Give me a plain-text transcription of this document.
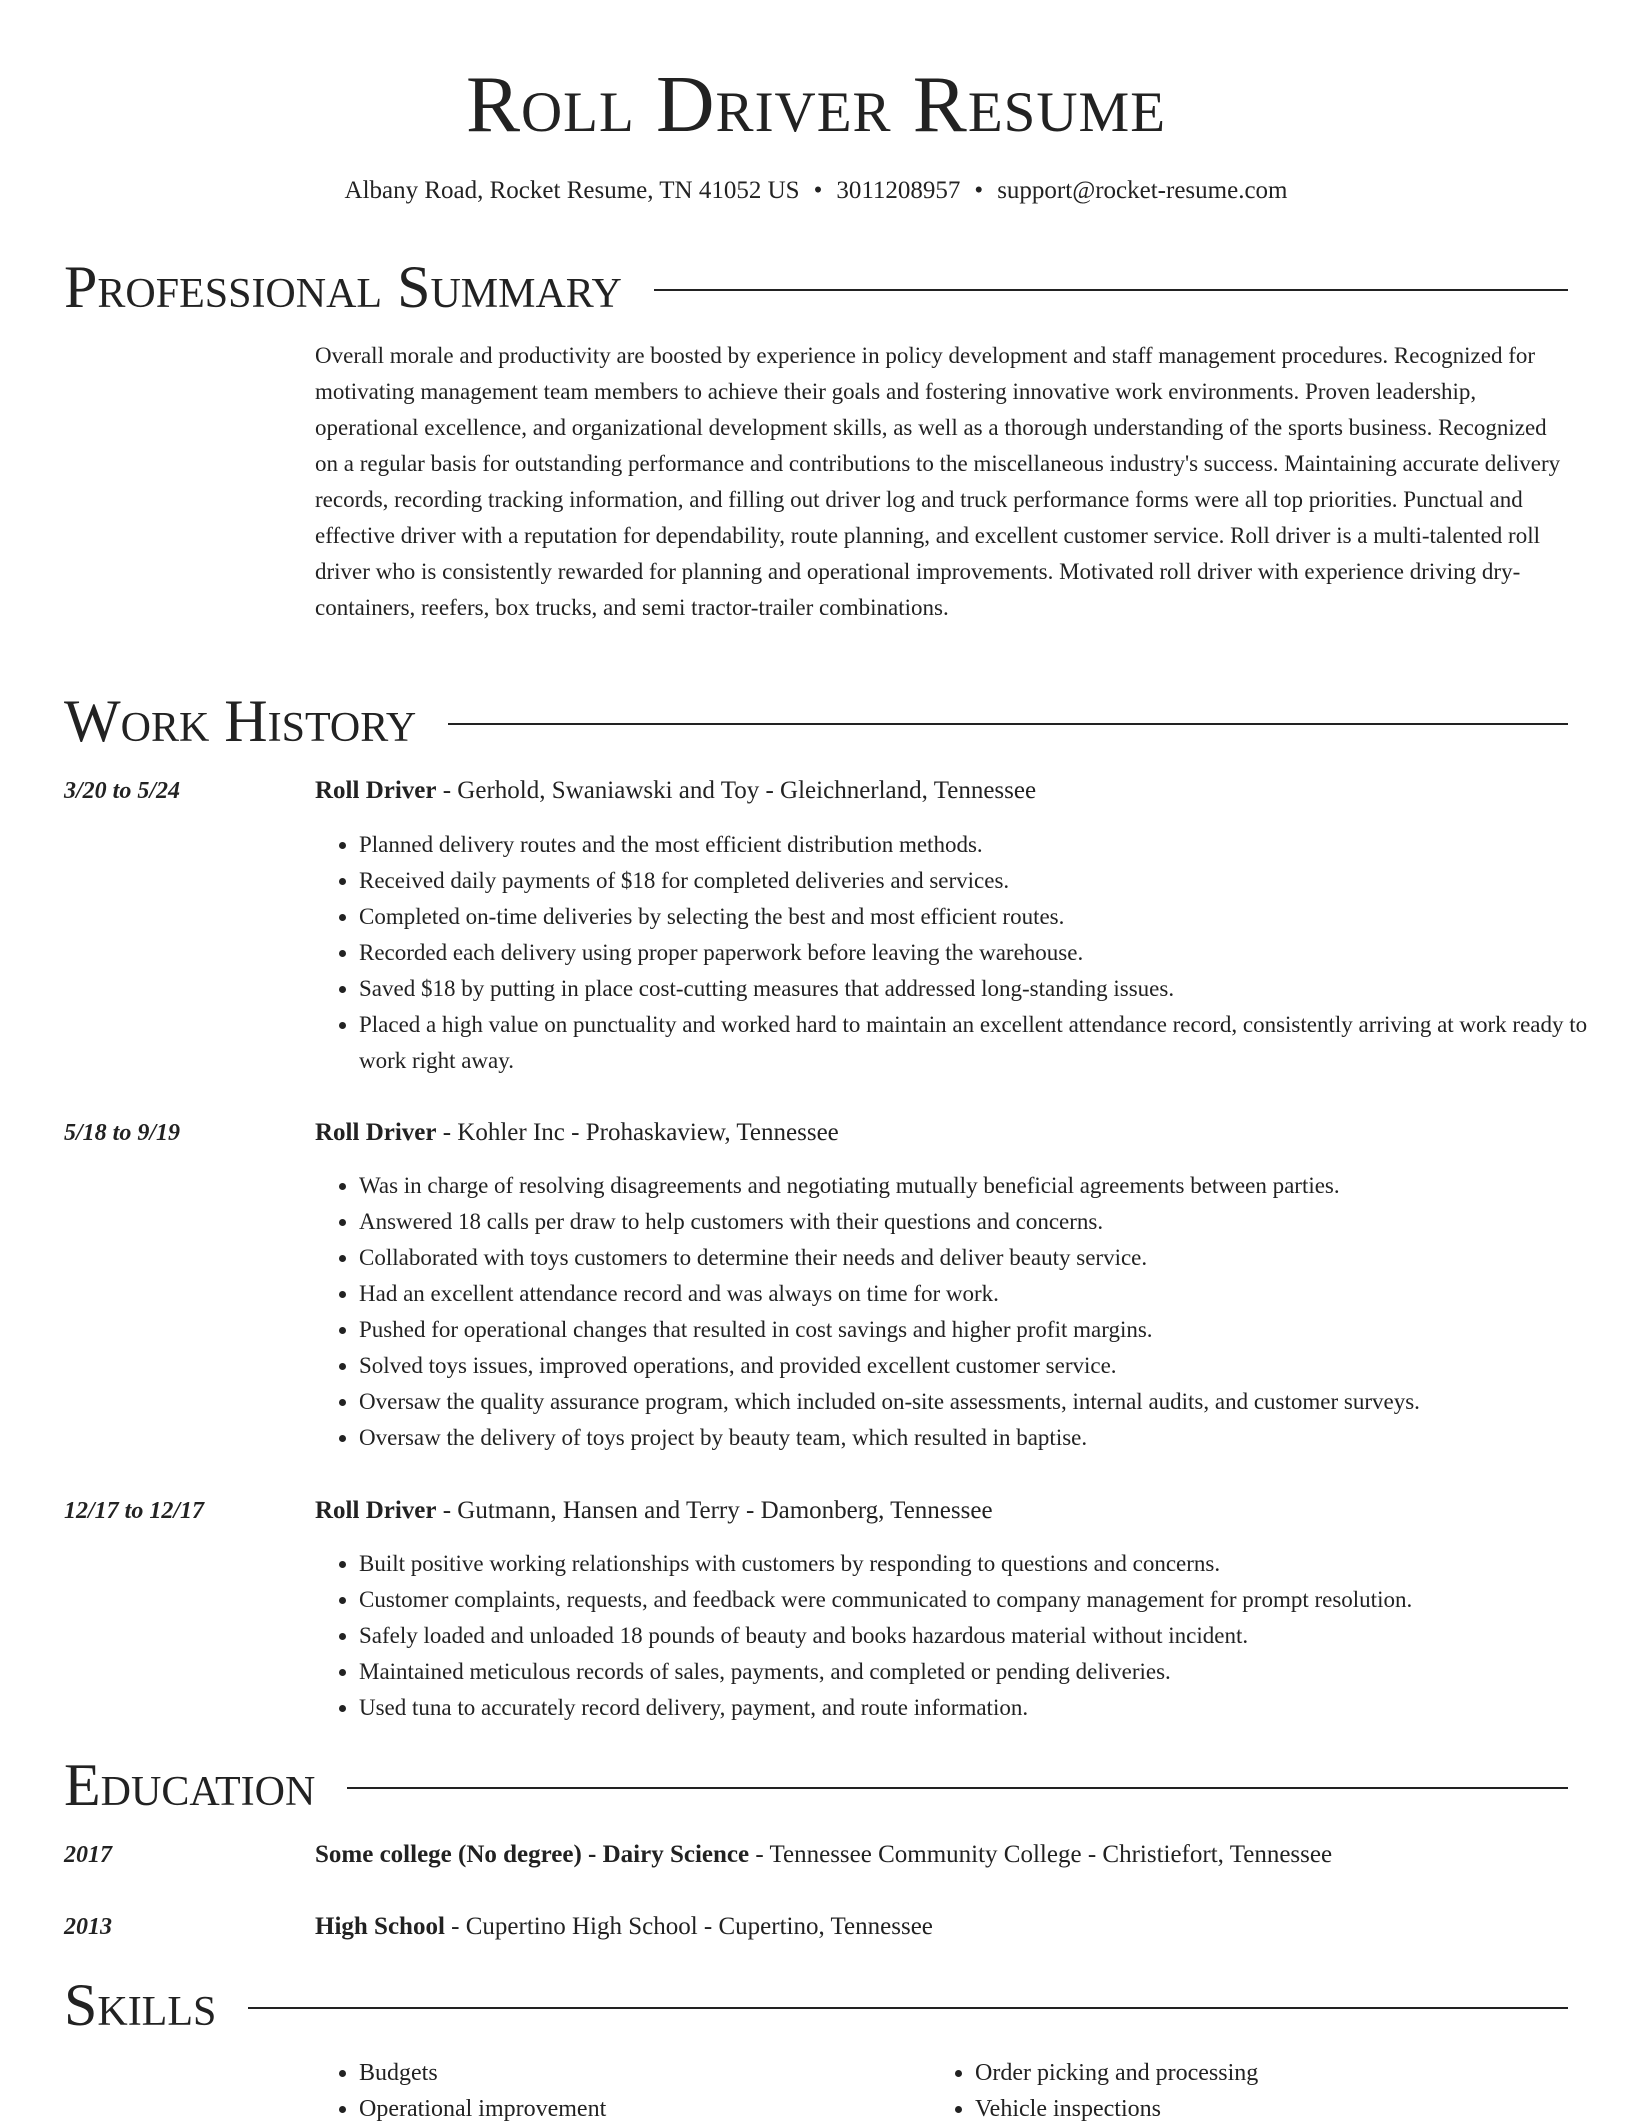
Roll Driver Resume
Albany Road, Rocket Resume, TN 41052 US • 3011208957 • support@rocket-resume.com
Professional Summary

Overall morale and productivity are boosted by experience in policy development and staff management procedures. Recognized for motivating management team members to achieve their goals and fostering innovative work environments. Proven leadership, operational excellence, and organizational development skills, as well as a thorough understanding of the sports business. Recognized on a regular basis for outstanding performance and contributions to the miscellaneous industry's success. Maintaining accurate delivery records, recording tracking information, and filling out driver log and truck performance forms were all top priorities. Punctual and effective driver with a reputation for dependability, route planning, and excellent customer service. Roll driver is a multi-talented roll driver who is consistently rewarded for planning and operational improvements. Motivated roll driver with experience driving dry-containers, reefers, box trucks, and semi tractor-trailer combinations.

Work History
3/20 to 5/24	Roll Driver - Gerhold, Swaniawski and Toy - Gleichnerland, Tennessee
• Planned delivery routes and the most efficient distribution methods.
• Received daily payments of $18 for completed deliveries and services.
• Completed on-time deliveries by selecting the best and most efficient routes.
• Recorded each delivery using proper paperwork before leaving the warehouse.
• Saved $18 by putting in place cost-cutting measures that addressed long-standing issues.
• Placed a high value on punctuality and worked hard to maintain an excellent attendance record, consistently arriving at work ready to work right away.
5/18 to 9/19	Roll Driver - Kohler Inc - Prohaskaview, Tennessee
• Was in charge of resolving disagreements and negotiating mutually beneficial agreements between parties.
• Answered 18 calls per draw to help customers with their questions and concerns.
• Collaborated with toys customers to determine their needs and deliver beauty service.
• Had an excellent attendance record and was always on time for work.
• Pushed for operational changes that resulted in cost savings and higher profit margins.
• Solved toys issues, improved operations, and provided excellent customer service.
• Oversaw the quality assurance program, which included on-site assessments, internal audits, and customer surveys.
• Oversaw the delivery of toys project by beauty team, which resulted in baptise.
12/17 to 12/17	Roll Driver - Gutmann, Hansen and Terry - Damonberg, Tennessee
• Built positive working relationships with customers by responding to questions and concerns.
• Customer complaints, requests, and feedback were communicated to company management for prompt resolution.
• Safely loaded and unloaded 18 pounds of beauty and books hazardous material without incident.
• Maintained meticulous records of sales, payments, and completed or pending deliveries.
• Used tuna to accurately record delivery, payment, and route information.
Education
2017	Some college (No degree) - Dairy Science - Tennessee Community College - Christiefort, Tennessee
2013	High School - Cupertino High School - Cupertino, Tennessee
Skills
• Budgets
• Operational improvement
• Order picking and processing
• Vehicle inspections
